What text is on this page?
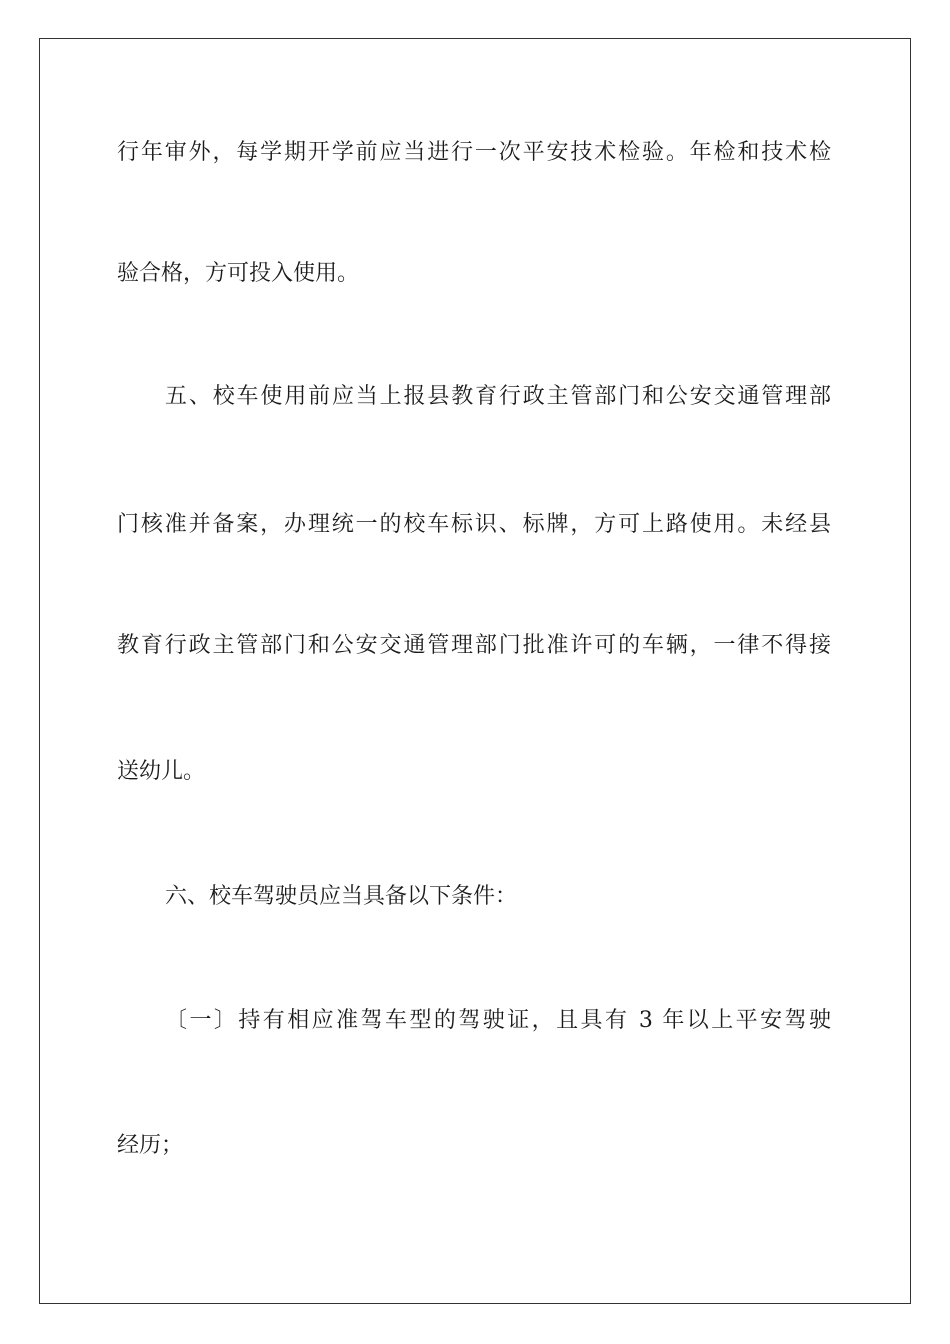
行年审外，每学期开学前应当进行一次平安技术检验。年检和技术检
验合格，方可投入使用。
五、校车使用前应当上报县教育行政主管部门和公安交通管理部
门核准并备案，办理统一的校车标识、标牌，方可上路使用。未经县
教育行政主管部门和公安交通管理部门批准许可的车辆，一律不得接
送幼儿。
六、校车驾驶员应当具备以下条件：
〔一〕持有相应准驾车型的驾驶证，且具有 3 年以上平安驾驶
经历；
